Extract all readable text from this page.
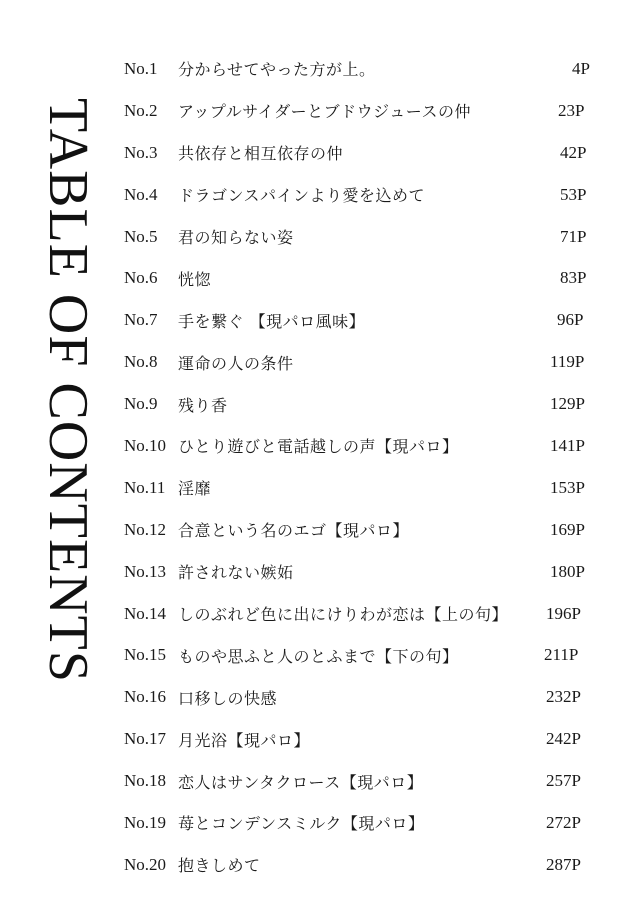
TABLE OF CONTENTS
No.1	分からせてやった方が上。	4P
No.2	アップルサイダーとブドウジュースの仲	23P
No.3	共依存と相互依存の仲	42P
No.4	ドラゴンスパインより愛を込めて	53P
No.5	君の知らない姿	71P
No.6	恍惚	83P
No.7	手を繋ぐ 【現パロ風味】	96P
No.8	運命の人の条件	119P
No.9	残り香	129P
No.10 ひとり遊びと電話越しの声【現パロ】	141P
No.11 淫靡	153P
No.12 合意という名のエゴ【現パロ】	169P
No.13 許されない嫉妬	180P
No.14 しのぶれど色に出にけりわが恋は【上の句】 196P
No.15 ものや思ふと人のとふまで【下の句】	211P
No.16 口移しの快感	232P
No.17 月光浴【現パロ】	242P
No.18 恋人はサンタクロース【現パロ】	257P
No.19 苺とコンデンスミルク【現パロ】	272P
No.20 抱きしめて	287P
